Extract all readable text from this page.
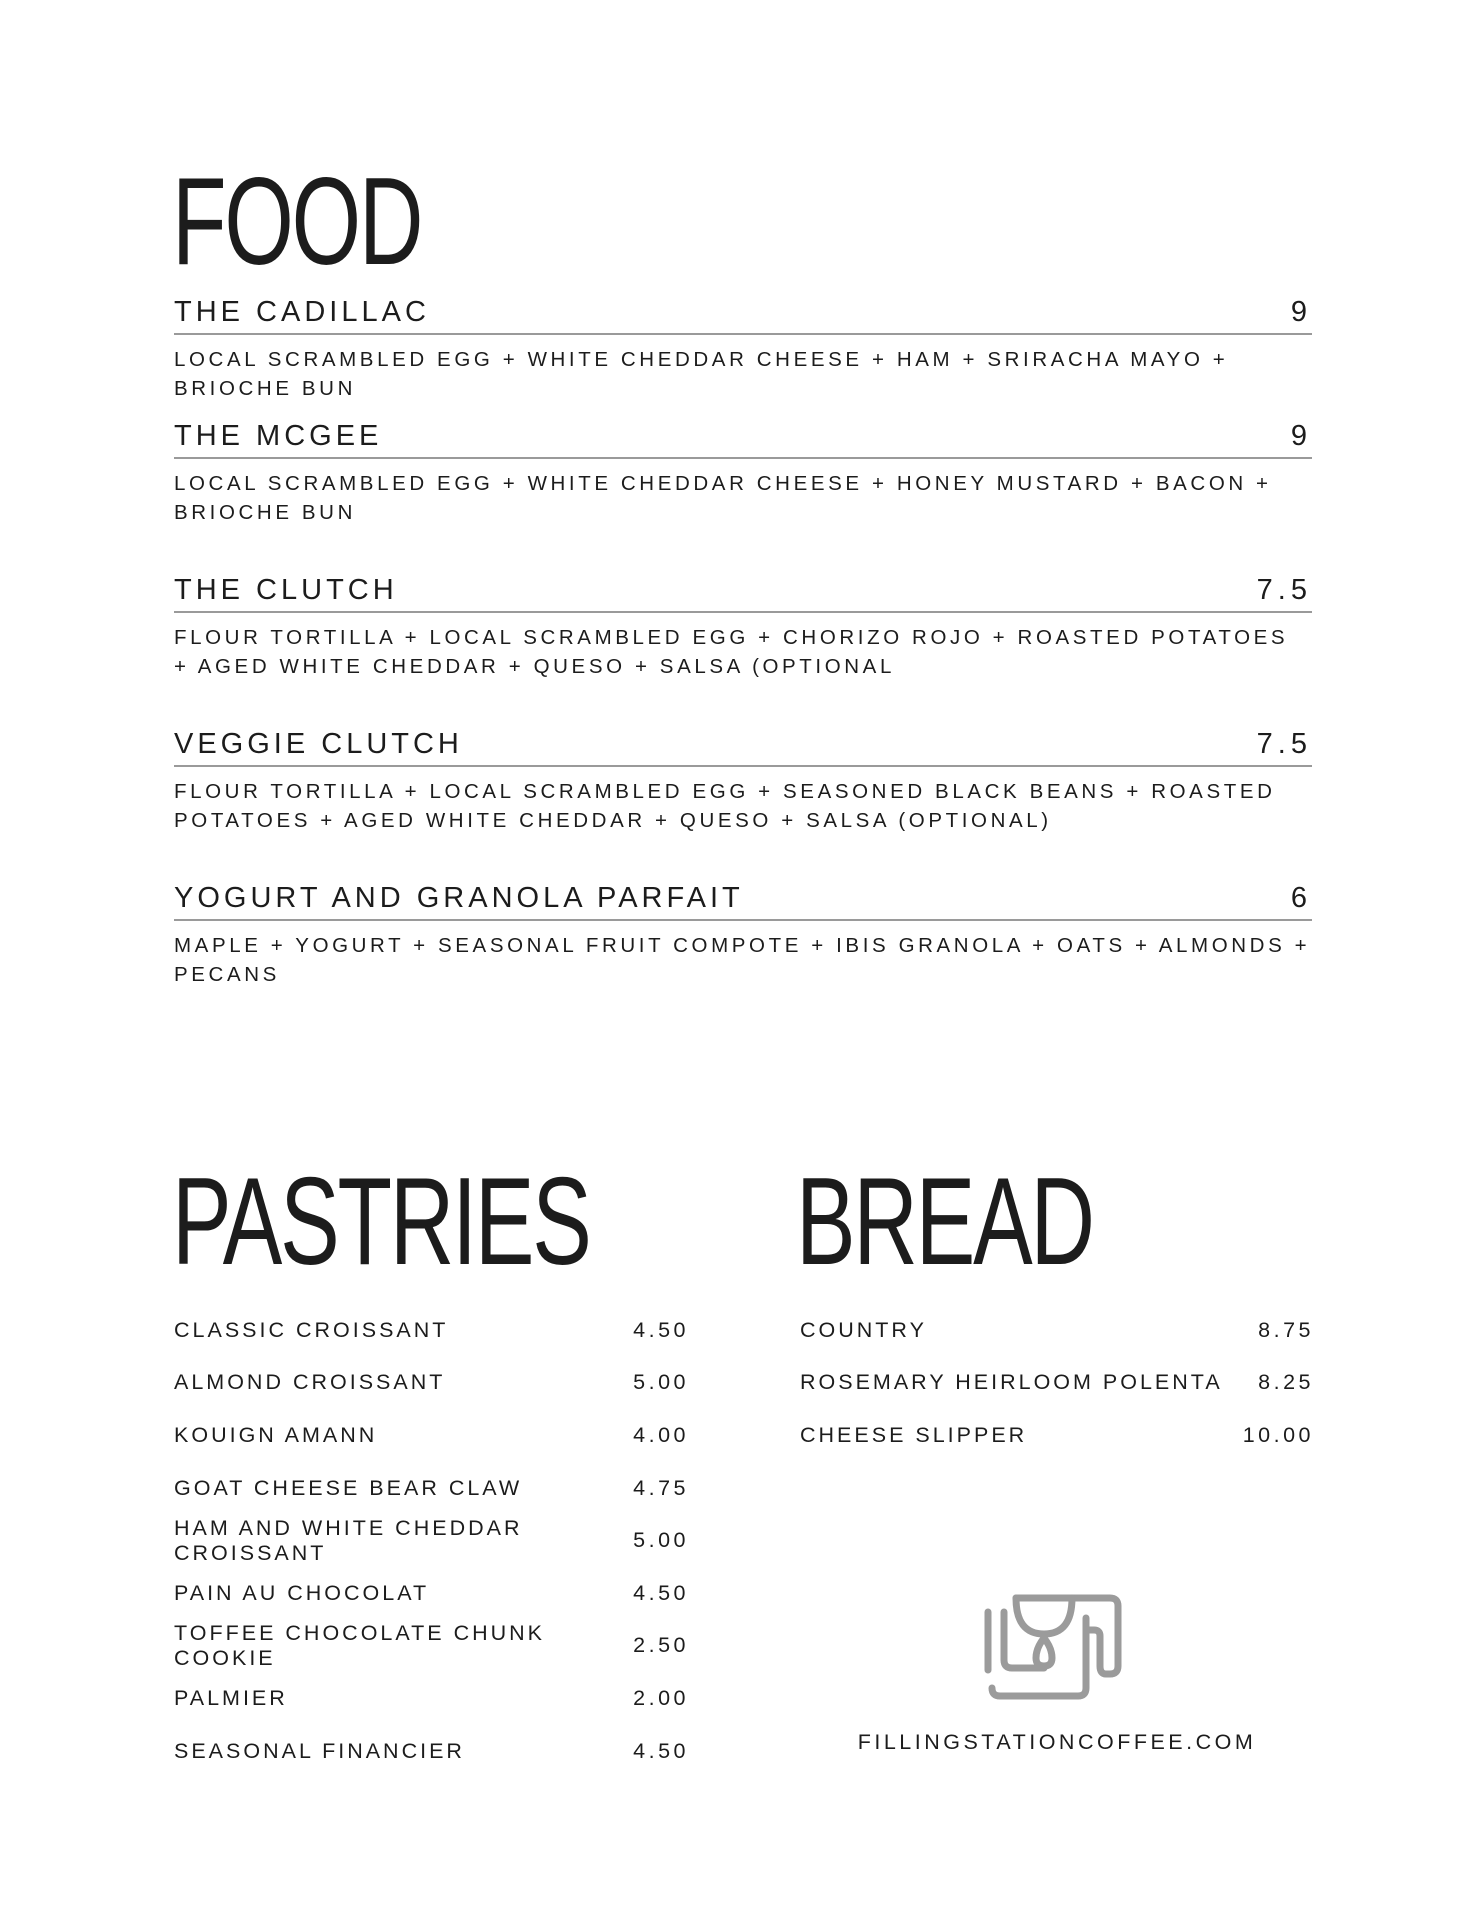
FOOD
THE CADILLAC	9
LOCAL SCRAMBLED EGG + WHITE CHEDDAR CHEESE + HAM + SRIRACHA MAYO + BRIOCHE BUN
THE MCGEE	9
LOCAL SCRAMBLED EGG + WHITE CHEDDAR CHEESE + HONEY MUSTARD + BACON + BRIOCHE BUN
THE CLUTCH	7.5
FLOUR TORTILLA + LOCAL SCRAMBLED EGG + CHORIZO ROJO + ROASTED POTATOES + AGED WHITE CHEDDAR + QUESO + SALSA (OPTIONAL
VEGGIE CLUTCH	7.5
FLOUR TORTILLA + LOCAL SCRAMBLED EGG + SEASONED BLACK BEANS + ROASTED POTATOES + AGED WHITE CHEDDAR + QUESO + SALSA (OPTIONAL)
YOGURT AND GRANOLA PARFAIT	6
MAPLE + YOGURT + SEASONAL FRUIT COMPOTE + IBIS GRANOLA + OATS + ALMONDS + PECANS
PASTRIES
CLASSIC CROISSANT	4.50
ALMOND CROISSANT	5.00
KOUIGN AMANN	4.00
GOAT CHEESE BEAR CLAW	4.75
HAM AND WHITE CHEDDAR CROISSANT
5.00
PAIN AU CHOCOLAT	4.50
TOFFEE CHOCOLATE CHUNK COOKIE
2.50
PALMIER	2.00
SEASONAL FINANCIER	4.50
BREAD
COUNTRY	8.75
ROSEMARY HEIRLOOM POLENTA 8.25
CHEESE SLIPPER	10.00
FILLINGSTATIONCOFFEE.COM
